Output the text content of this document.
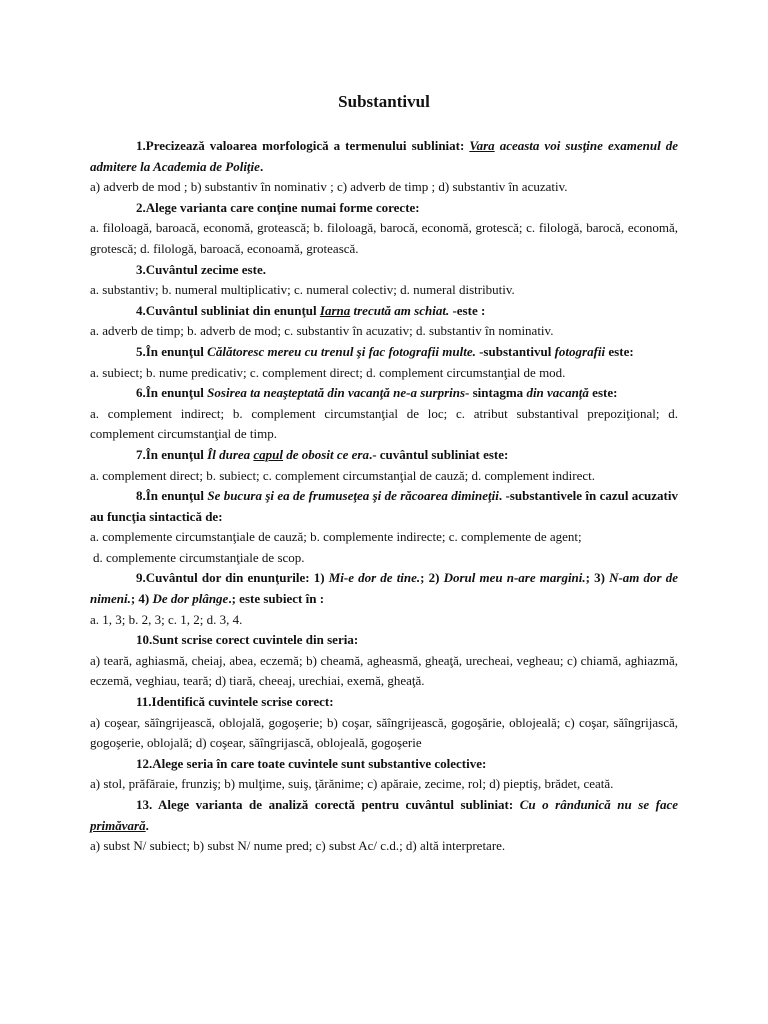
Substantivul

1.Precizează valoarea morfologică a termenului subliniat: Vara aceasta voi susţine examenul de admitere la Academia de Poliţie.

a) adverb de mod ; b) substantiv în nominativ ; c) adverb de timp ; d) substantiv în acuzativ.

2.Alege varianta care conţine numai forme corecte:

a. filoloagă, baroacă, economă, groteascǎ; b. filoloagǎ, barocǎ, economǎ, grotescǎ; c. filologǎ, barocǎ, economǎ, grotescǎ; d. filologǎ, baroacǎ, econoamǎ, groteascǎ.

3.Cuvântul zecime este.

a. substantiv; b. numeral multiplicativ; c. numeral colectiv; d. numeral distributiv.

4.Cuvântul subliniat din enunţul Iarna trecută am schiat. -este :

a. adverb de timp; b. adverb de mod; c. substantiv în acuzativ; d. substantiv în nominativ.

5.În enunţul Călătoresc mereu cu trenul şi fac fotografii multe. -substantivul fotografii este:

a. subiect; b. nume predicativ; c. complement direct; d. complement circumstanţial de mod.

6.În enunţul Sosirea ta neaşteptată din vacanţă ne-a surprins- sintagma din vacanţă este:

a. complement indirect; b. complement circumstanţial de loc; c. atribut substantival prepoziţional; d. complement circumstanţial de timp.

7.În enunţul Îl durea capul de obosit ce era.- cuvântul subliniat este:

a. complement direct; b. subiect; c. complement circumstanţial de cauză; d. complement indirect.

8.În enunţul Se bucura şi ea de frumuseţea şi de răcoarea dimineţii. -substantivele în cazul acuzativ au funcţia sintactică de:

a. complemente circumstanţiale de cauză; b. complemente indirecte; c. complemente de agent;

d. complemente circumstanţiale de scop.

9.Cuvântul dor din enunţurile: 1) Mi-e dor de tine.; 2) Dorul meu n-are margini.; 3) N-am dor de nimeni.; 4) De dor plânge.; este subiect în :

a. 1, 3; b. 2, 3; c. 1, 2; d. 3, 4.

10.Sunt scrise corect cuvintele din seria:

a) teară, aghiasmă, cheiaj, abea, eczemă; b) cheamă, agheasmă, gheaţă, urecheai, vegheau; c) chiamă, aghiazmă, eczemă, veghiau, teară; d) tiară, cheeaj, urechiai, exemă, gheaţă.

11.Identifică cuvintele scrise corect:

a) coşear, săîngrijească, oblojală, gogoşerie; b) coşar, săîngrijească, gogoşărie, oblojeală; c) coşar, săîngrijască, gogoşerie, oblojală; d) coşear, săîngrijască, oblojeală, gogoşerie

12.Alege seria în care toate cuvintele sunt substantive colective:

a) stol, prăfăraie, frunziş; b) mulţime, suiş, ţărănime; c) apăraie, zecime, rol; d) pieptiş, brădet, ceată.

13. Alege varianta de analiză corectă pentru cuvântul subliniat: Cu o rândunică nu se face primăvară.

a) subst N/ subiect; b) subst N/ nume pred; c) subst Ac/ c.d.; d) altă interpretare.
